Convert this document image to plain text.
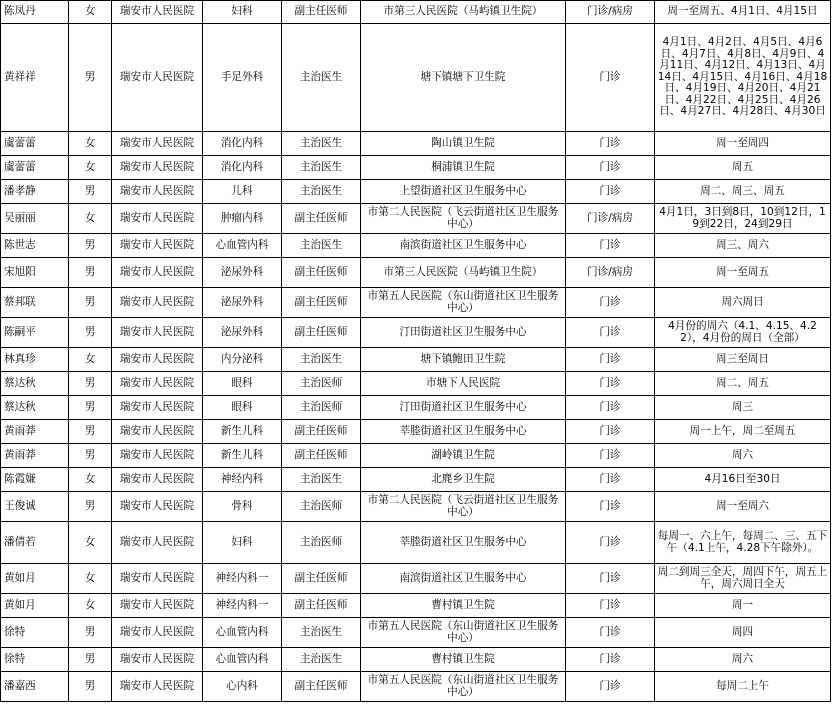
陈凤丹	女	瑞安市人民医院	妇科	副主任医师	市第三人民医院（马屿镇卫生院）	门诊/病房	周一至周五、4月1日、4月15日
黄祥祥	男	瑞安市人民医院	手足外科	主治医生	塘下镇塘下卫生院	门诊	4月1日、4月2日、4月5日、4月6日、4月7日、4月8日、4月9日、4月11日、4月12日、4月13日、4月14日、4月15日、4月16日、4月18日、4月19日、4月20日、4月21日、4月22日、4月25日、4月26日、4月27日、4月28日、4月30日
虞蕾蕾	女	瑞安市人民医院	消化内科	主治医生	陶山镇卫生院	门诊	周一至周四
虞蕾蕾	女	瑞安市人民医院	消化内科	主治医生	桐浦镇卫生院	门诊	周五
潘孝静	男	瑞安市人民医院	儿科	主治医生	上望街道社区卫生服务中心	门诊	周二、周三、周五
吴丽丽	女	瑞安市人民医院	肿瘤内科	副主任医师	市第二人民医院（飞云街道社区卫生服务中心）	门诊/病房	4月1日，3日到8日，10到12日，19到22日，24到29日
陈世志	男	瑞安市人民医院	心血管内科	主治医生	南滨街道社区卫生服务中心	门诊	周三、周六
宋旭阳	男	瑞安市人民医院	泌尿外科	副主任医师	市第三人民医院（马屿镇卫生院）	门诊/病房	周一至周五
蔡邦联	男	瑞安市人民医院	泌尿外科	副主任医师	市第五人民医院（东山街道社区卫生服务中心）	门诊	周六周日
陈嗣平	男	瑞安市人民医院	泌尿外科	副主任医师	汀田街道社区卫生服务中心	门诊	4月份的周六（4.1、4.15、4.22），4月份的周日（全部）
林真珍	女	瑞安市人民医院	内分泌科	主治医生	塘下镇鲍田卫生院	门诊	周三至周日
蔡达秋	男	瑞安市人民医院	眼科	主治医师	市塘下人民医院	门诊	周二、周五
蔡达秋	男	瑞安市人民医院	眼科	主治医师	汀田街道社区卫生服务中心	门诊	周三
黄雨莽	男	瑞安市人民医院	新生儿科	副主任医师	莘塍街道社区卫生服务中心	门诊	周一上午，周二至周五
黄雨莽	男	瑞安市人民医院	新生儿科	副主任医师	湖岭镇卫生院	门诊	周六
陈霞嫌	女	瑞安市人民医院	神经内科	主治医生	北麂乡卫生院	门诊	4月16日至30日
王俊诚	男	瑞安市人民医院	骨科	主治医师	市第二人民医院（飞云街道社区卫生服务中心）	门诊	周一至周六
潘倩若	女	瑞安市人民医院	妇科	主治医师	莘塍街道社区卫生服务中心	门诊	每周一、六上午，每周二、三、五下午（4.1上午，4.28下午除外）。
黄如月	女	瑞安市人民医院	神经内科一	副主任医师	南滨街道社区卫生服务中心	门诊	周二到周三全天，周四下午，周五上午，周六周日全天
黄如月	女	瑞安市人民医院	神经内科一	副主任医师	曹村镇卫生院	门诊	周一
徐特	男	瑞安市人民医院	心血管内科	主治医生	市第五人民医院（东山街道社区卫生服务中心）	门诊	周四
徐特	男	瑞安市人民医院	心血管内科	主治医生	曹村镇卫生院	门诊	周六
潘嘉西	男	瑞安市人民医院	心内科	副主任医师	市第五人民医院（东山街道社区卫生服务中心）	门诊	每周二上午
